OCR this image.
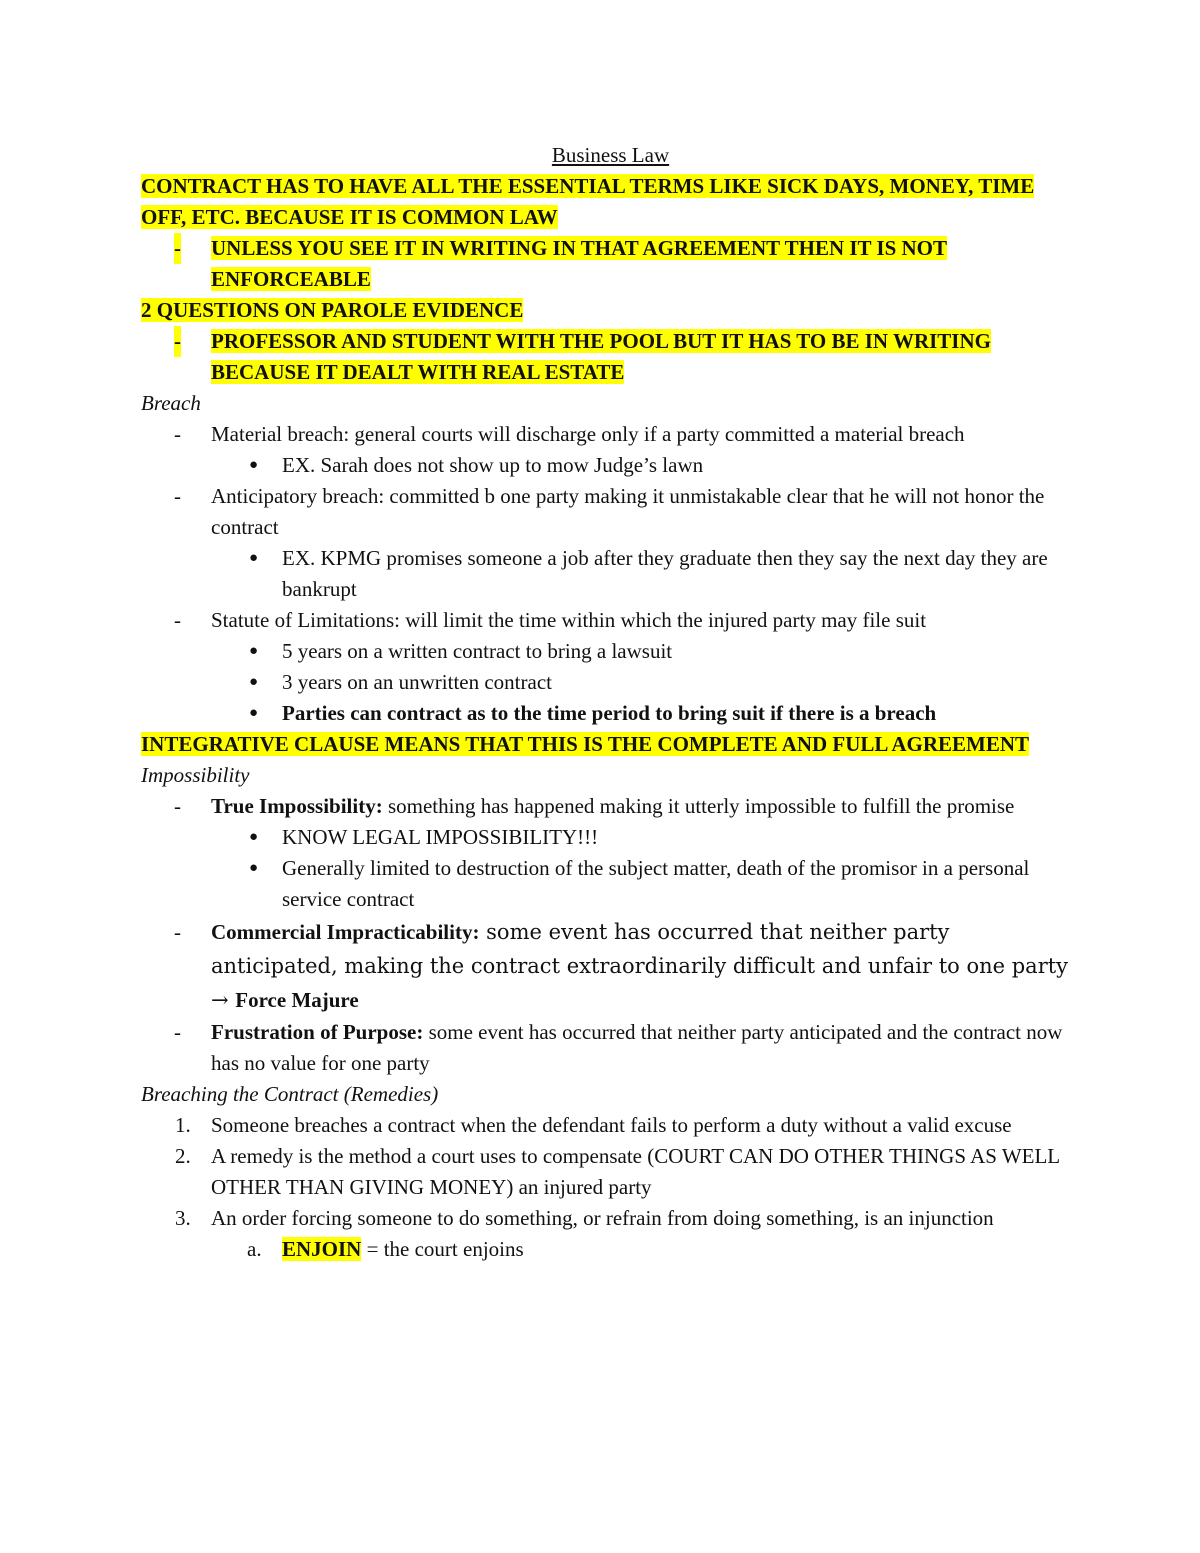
Business Law

CONTRACT HAS TO HAVE ALL THE ESSENTIAL TERMS LIKE SICK DAYS, MONEY, TIME OFF, ETC. BECAUSE IT IS COMMON LAW

- UNLESS YOU SEE IT IN WRITING IN THAT AGREEMENT THEN IT IS NOT ENFORCEABLE

2 QUESTIONS ON PAROLE EVIDENCE

- PROFESSOR AND STUDENT WITH THE POOL BUT IT HAS TO BE IN WRITING BECAUSE IT DEALT WITH REAL ESTATE

Breach

- Material breach: general courts will discharge only if a party committed a material breach

● EX. Sarah does not show up to mow Judge’s lawn

- Anticipatory breach: committed b one party making it unmistakable clear that he will not honor the contract

● EX. KPMG promises someone a job after they graduate then they say the next day they are bankrupt

- Statute of Limitations: will limit the time within which the injured party may file suit

● 5 years on a written contract to bring a lawsuit

● 3 years on an unwritten contract

● Parties can contract as to the time period to bring suit if there is a breach

INTEGRATIVE CLAUSE MEANS THAT THIS IS THE COMPLETE AND FULL AGREEMENT

Impossibility

- True Impossibility: something has happened making it utterly impossible to fulfill the promise

● KNOW LEGAL IMPOSSIBILITY!!!

● Generally limited to destruction of the subject matter, death of the promisor in a personal service contract

- Commercial Impracticability: some event has occurred that neither party anticipated, making the contract extraordinarily difficult and unfair to one party → Force Majure

- Frustration of Purpose: some event has occurred that neither party anticipated and the contract now has no value for one party

Breaching the Contract (Remedies)

1. Someone breaches a contract when the defendant fails to perform a duty without a valid excuse

2. A remedy is the method a court uses to compensate (COURT CAN DO OTHER THINGS AS WELL OTHER THAN GIVING MONEY) an injured party

3. An order forcing someone to do something, or refrain from doing something, is an injunction

a. ENJOIN = the court enjoins
